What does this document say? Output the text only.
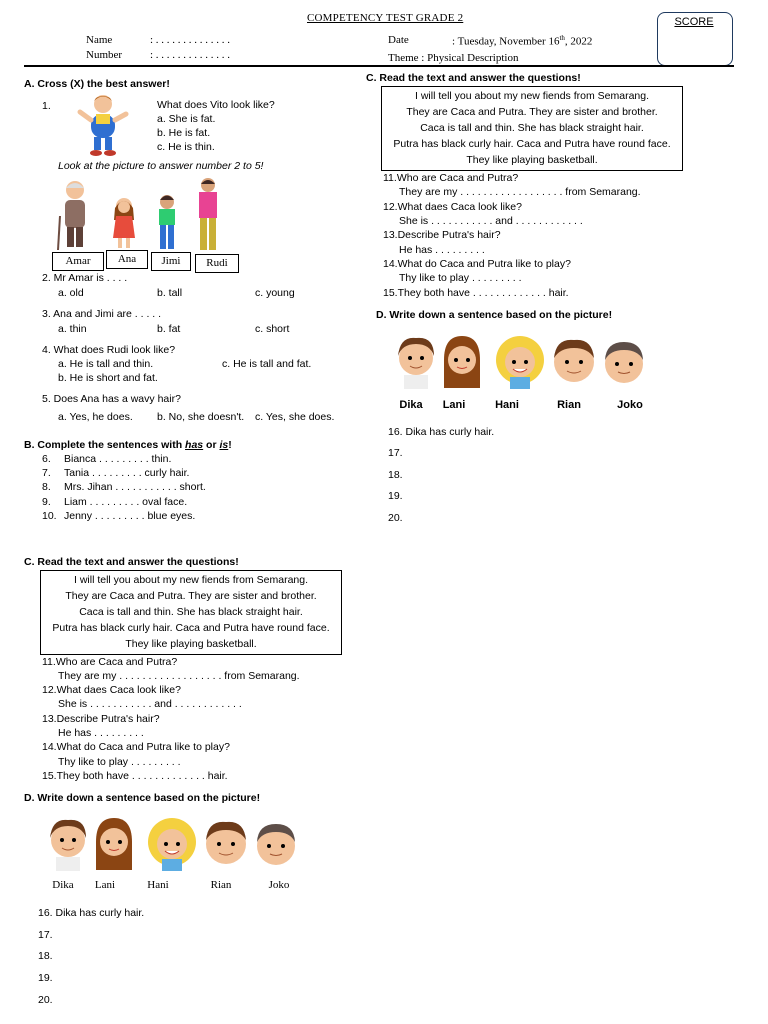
COMPETENCY TEST GRADE 2
Name	: . . . . . . . . . . . . . .
Number	: . . . . . . . . . . . . . .
Date	: Tuesday, November 16th, 2022
Theme : Physical Description
SCORE
A. Cross (X) the best answer!
1.	What does Vito look like?
a. She is fat.
b. He is fat.
c. He is thin.
Look at the picture to answer number 2 to 5!
Amar	Ana	Jimi	Rudi
2. Mr Amar is . . . .
a. old	b. tall	c. young
3. Ana and Jimi are . . . . .
a. thin	b. fat	c. short
4. What does Rudi look like?
a. He is tall and thin.	c. He is tall and fat.
b. He is short and fat.
5. Does Ana has a wavy hair?
a. Yes, he does. b. No, she doesn't. c. Yes, she does.
B. Complete the sentences with has or is!
6. Bianca . . . . . . . . . thin.
7. Tania . . . . . . . . . curly hair.
8. Mrs. Jihan . . . . . . . . . . . short.
9. Liam . . . . . . . . . oval face.
10. Jenny . . . . . . . . . blue eyes.
C. Read the text and answer the questions!
I will tell you about my new fiends from Semarang.
They are Caca and Putra. They are sister and brother.
Caca is tall and thin. She has black straight hair.
Putra has black curly hair. Caca and Putra have round face.
They like playing basketball.
11.Who are Caca and Putra?
They are my . . . . . . . . . . . . . . . . . . from Semarang.
12.What daes Caca look like?
She is . . . . . . . . . . . and . . . . . . . . . . . .
13.Describe Putra's hair?
He has . . . . . . . . .
14.What do Caca and Putra like to play?
Thy like to play . . . . . . . . .
15.They both have . . . . . . . . . . . . . hair.
D. Write down a sentence based on the picture!
Dika	Lani	Hani	Rian	Joko
16. Dika has curly hair.
17.
18.
19.
20.
C. Read the text and answer the questions!
I will tell you about my new fiends from Semarang.
They are Caca and Putra. They are sister and brother.
Caca is tall and thin. She has black straight hair.
Putra has black curly hair. Caca and Putra have round face.
They like playing basketball.
11.Who are Caca and Putra?
They are my . . . . . . . . . . . . . . . . . . from Semarang.
12.What daes Caca look like?
She is . . . . . . . . . . . and . . . . . . . . . . . .
13.Describe Putra's hair?
He has . . . . . . . . .
14.What do Caca and Putra like to play?
Thy like to play . . . . . . . . .
15.They both have . . . . . . . . . . . . . hair.
D. Write down a sentence based on the picture!
Dika	Lani	Hani	Rian	Joko
16. Dika has curly hair.
17.
18.
19.
20.
